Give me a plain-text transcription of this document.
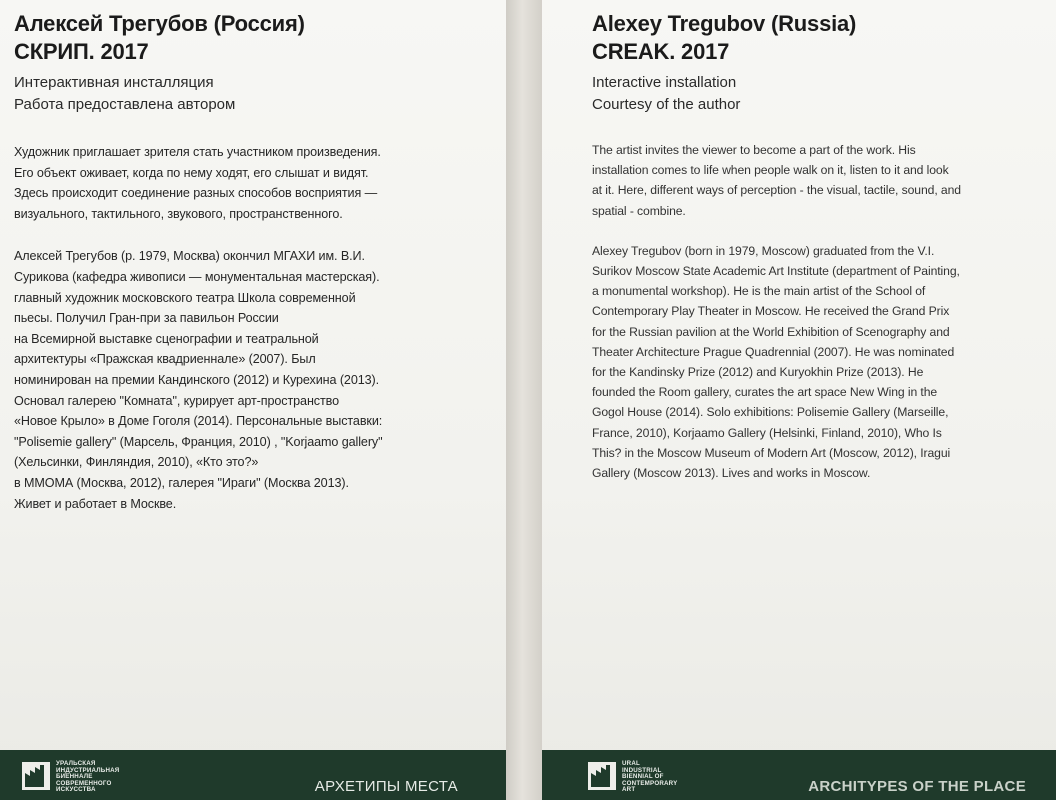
Алексей Трегубов (Россия)
СКРИП. 2017
Интерактивная инсталляция
Работа предоставлена автором
Художник приглашает зрителя стать участником произведения.
Его объект оживает, когда по нему ходят, его слышат и видят.
Здесь происходит соединение разных способов восприятия —
визуального, тактильного, звукового, пространственного.
Алексей Трегубов (р. 1979, Москва) окончил МГАХИ им. В.И.
Сурикова (кафедра живописи — монументальная мастерская).
главный художник московского театра Школа современной
пьесы. Получил Гран-при за павильон России
на Всемирной выставке сценографии и театральной
архитектуры «Пражская квадриеннале» (2007). Был
номинирован на премии Кандинского (2012) и Курехина (2013).
Основал галерею "Комната", курирует арт-пространство
«Новое Крыло» в Доме Гоголя (2014). Персональные выставки:
"Polisemie gallery" (Марсель, Франция, 2010) , "Korjaamo gallery"
(Хельсинки, Финляндия, 2010), «Кто это?»
в ММОМА (Москва, 2012), галерея "Ираги" (Москва 2013).
Живет и работает в Москве.
УРАЛЬСКАЯ
ИНДУСТРИАЛЬНАЯ
БИЕННАЛЕ
СОВРЕМЕННОГО
ИСКУССТВА	АРХЕТИПЫ МЕСТА
Alexey Tregubov (Russia)
CREAK. 2017
Interactive installation
Courtesy of the author
The artist invites the viewer to become a part of the work. His
installation comes to life when people walk on it, listen to it and look
at it. Here, different ways of perception - the visual, tactile, sound, and
spatial - combine.
Alexey Tregubov (born in 1979, Moscow) graduated from the V.I.
Surikov Moscow State Academic Art Institute (department of Painting,
a monumental workshop). He is the main artist of the School of
Contemporary Play Theater in Moscow. He received the Grand Prix
for the Russian pavilion at the World Exhibition of Scenography and
Theater Architecture Prague Quadrennial (2007). He was nominated
for the Kandinsky Prize (2012) and Kuryokhin Prize (2013). He
founded the Room gallery, curates the art space New Wing in the
Gogol House (2014). Solo exhibitions: Polisemie Gallery (Marseille,
France, 2010), Korjaamo Gallery (Helsinki, Finland, 2010), Who Is
This? in the Moscow Museum of Modern Art (Moscow, 2012), Iragui
Gallery (Moscow 2013). Lives and works in Moscow.
URAL
INDUSTRIAL
BIENNIAL OF
CONTEMPORARY
ART	ARCHITYPES OF THE PLACE
